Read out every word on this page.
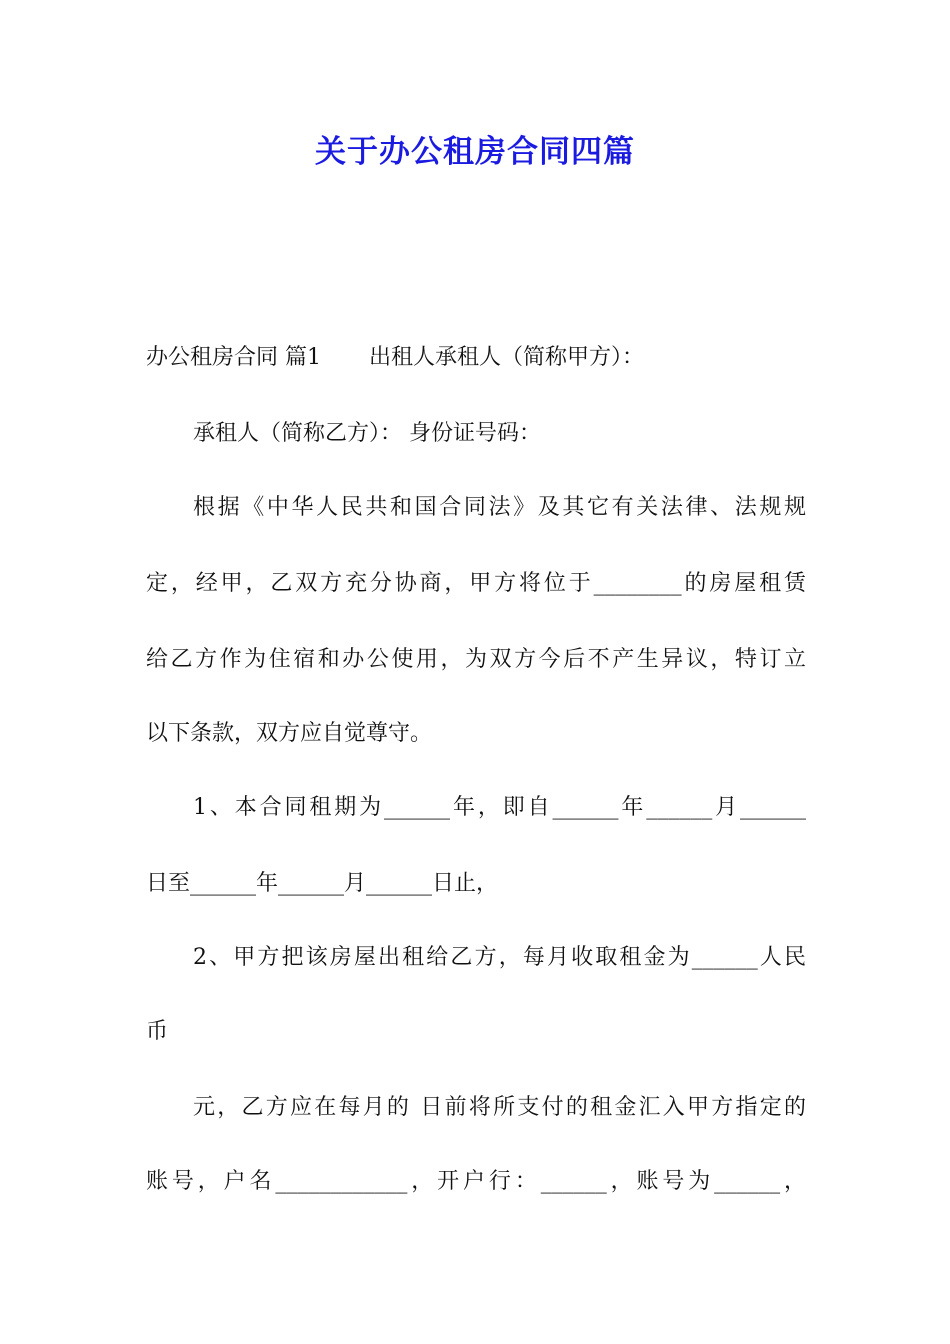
关于办公租房合同四篇

办公租房合同 篇1 出租人承租人（简称甲方）：

承租人（简称乙方）： 身份证号码：

根据《中华人民共和国合同法》及其它有关法律、法规规

定，经甲，乙双方充分协商，甲方将位于________的房屋租赁

给乙方作为住宿和办公使用，为双方今后不产生异议，特订立

以下条款，双方应自觉尊守。

1、本合同租期为______年，即自______年______月______

日至______年______月______日止，

2、甲方把该房屋出租给乙方，每月收取租金为______人民

币

元，乙方应在每月的 日前将所支付的租金汇入甲方指定的

账号，户名____________，开户行：______，账号为______，
